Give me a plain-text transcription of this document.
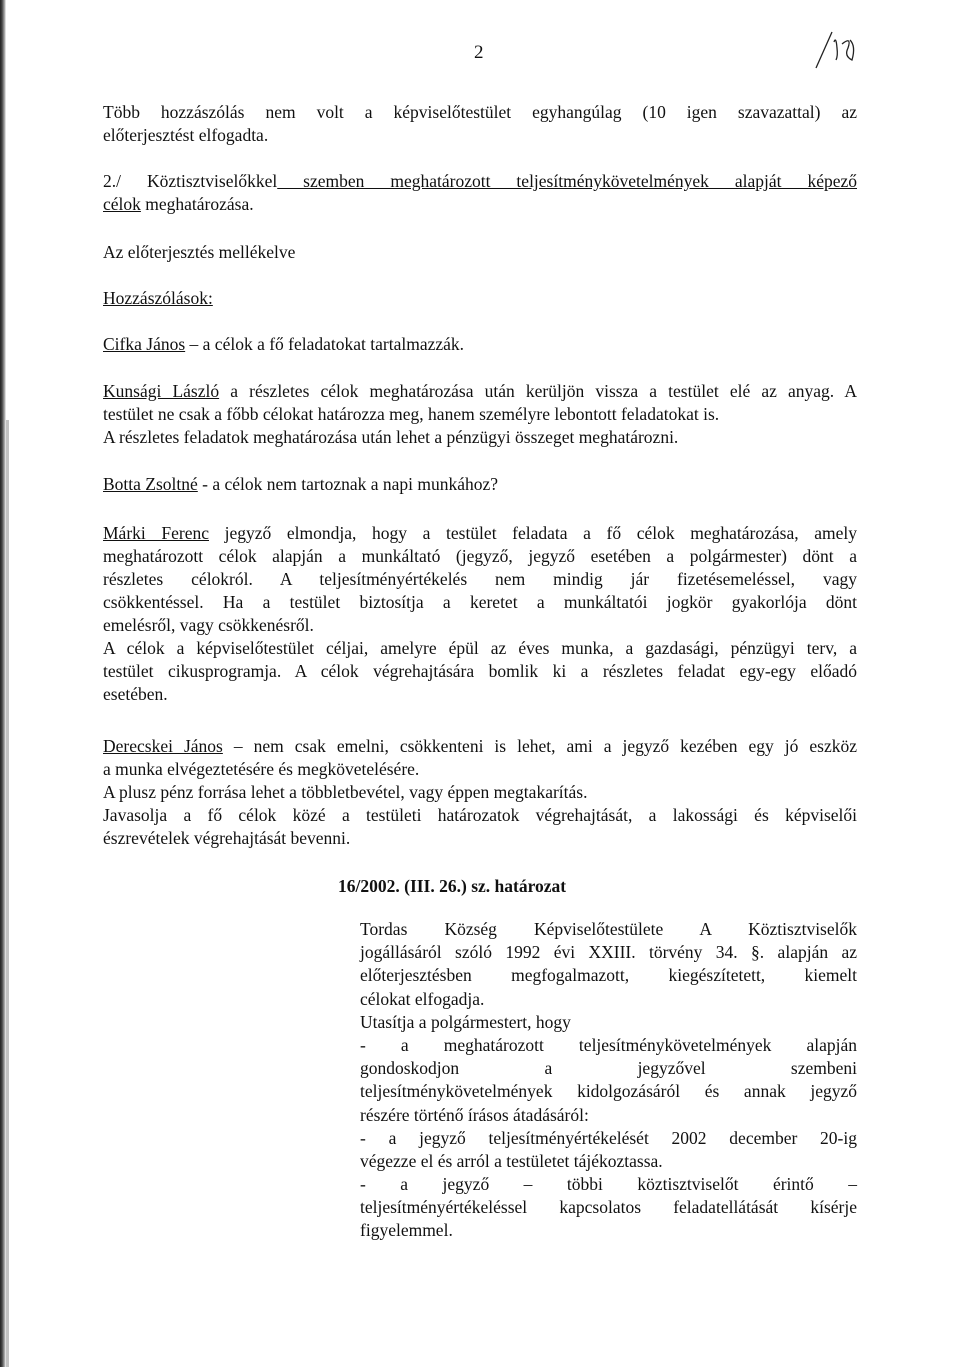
2
Több hozzászólás nem volt a képviselőtestület egyhangúlag (10 igen szavazattal) az
előterjesztést elfogadta.
2./ Köztisztviselőkkel szemben meghatározott teljesítménykövetelmények alapját képező
célok meghatározása.
Az előterjesztés mellékelve
Hozzászólások:
Cifka János – a célok a fő feladatokat tartalmazzák.
Kunsági László a részletes célok meghatározása után kerüljön vissza a testület elé az anyag. A
testület ne csak a főbb célokat határozza meg, hanem személyre lebontott feladatokat is.
A részletes feladatok meghatározása után lehet a pénzügyi összeget meghatározni.
Botta Zsoltné - a célok nem tartoznak a napi munkához?
Márki Ferenc jegyző elmondja, hogy a testület feladata a fő célok meghatározása, amely
meghatározott célok alapján a munkáltató (jegyző, jegyző esetében a polgármester) dönt a
részletes célokról. A teljesítményértékelés nem mindig jár fizetésemeléssel, vagy
csökkentéssel. Ha a testület biztosítja a keretet a munkáltatói jogkör gyakorlója dönt
emelésről, vagy csökkenésről.
A célok a képviselőtestület céljai, amelyre épül az éves munka, a gazdasági, pénzügyi terv, a
testület cikusprogramja. A célok végrehajtására bomlik ki a részletes feladat egy-egy előadó
esetében.
Derecskei János – nem csak emelni, csökkenteni is lehet, ami a jegyző kezében egy jó eszköz
a munka elvégeztetésére és megkövetelésére.
A plusz pénz forrása lehet a többletbevétel, vagy éppen megtakarítás.
Javasolja a fő célok közé a testületi határozatok végrehajtását, a lakossági és képviselői
észrevételek végrehajtását bevenni.
16/2002. (III. 26.) sz. határozat
Tordas Község Képviselőtestülete A Köztisztviselők
jogállásáról szóló 1992 évi XXIII. törvény 34. §. alapján az
előterjesztésben megfogalmazott, kiegészítetett, kiemelt
célokat elfogadja.
Utasítja a polgármestert, hogy
- a meghatározott teljesítménykövetelmények alapján
gondoskodjon a jegyzővel szembeni
teljesítménykövetelmények kidolgozásáról és annak jegyző
részére történő írásos átadásáról:
- a jegyző teljesítményértékelését 2002 december 20-ig
végezze el és arról a testületet tájékoztassa.
- a jegyző – többi köztisztviselőt érintő –
teljesítményértékeléssel kapcsolatos feladatellátását kísérje
figyelemmel.
